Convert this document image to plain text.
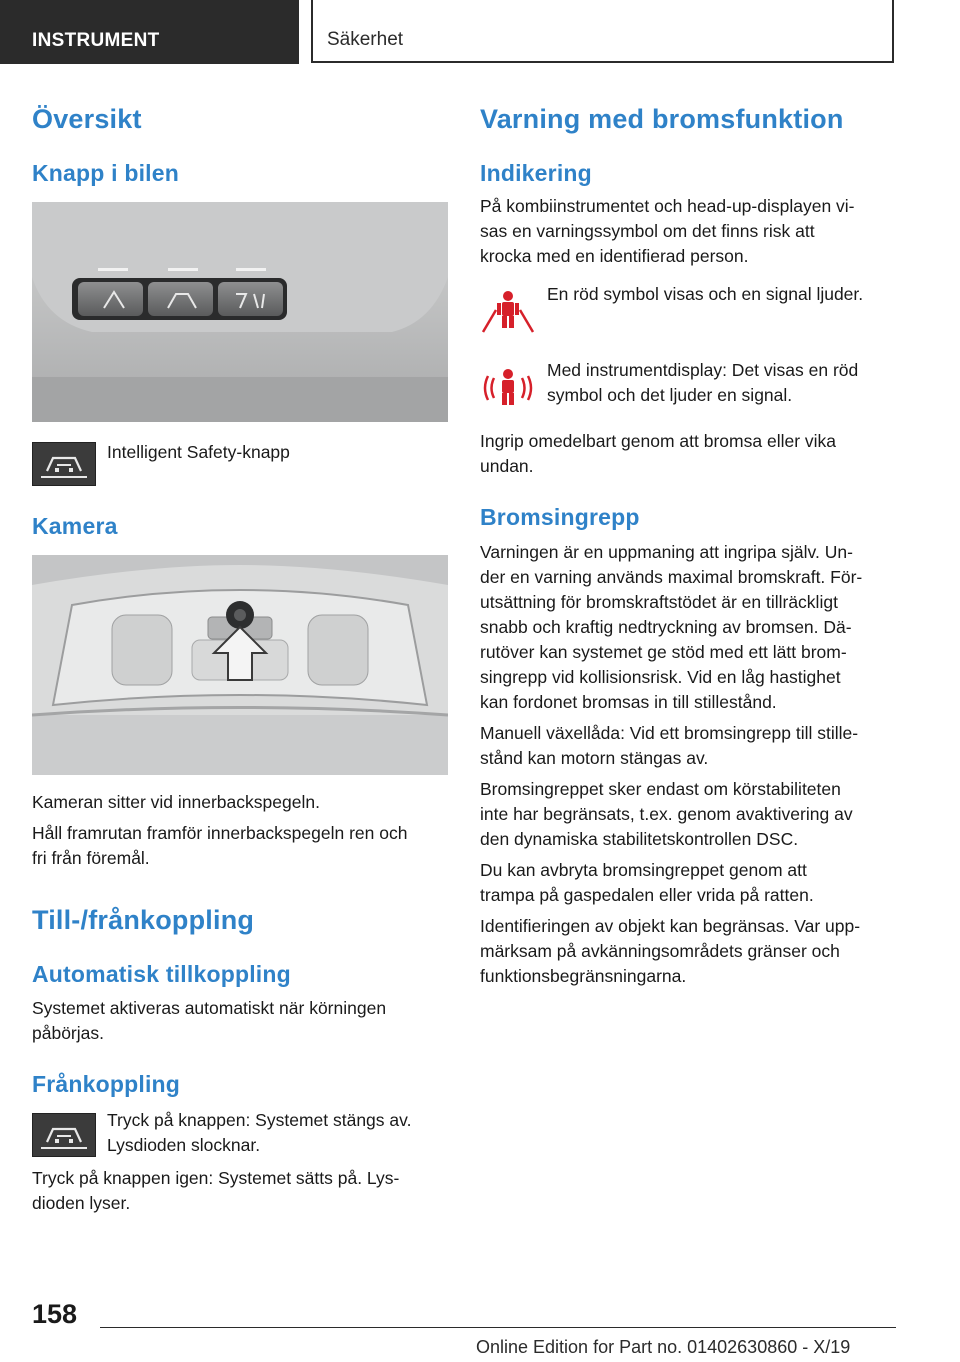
INSTRUMENT	Säkerhet
Översikt
Knapp i bilen

Intelligent Safety-knapp

Kamera

Kameran sitter vid innerbackspegeln.

Håll framrutan framför innerbackspegeln ren och

fri från föremål.

Till-/frånkoppling
Automatisk tillkoppling

Systemet aktiveras automatiskt när körningen

påbörjas.

Frånkoppling

Tryck på knappen: Systemet stängs av.

Lysdioden slocknar.

Tryck på knappen igen: Systemet sätts på. Lys-

dioden lyser.

Varning med bromsfunktion
Indikering

På kombiinstrumentet och head-up-displayen vi-

sas en varningssymbol om det finns risk att

krocka med en identifierad person.

En röd symbol visas och en signal ljuder.

Med instrumentdisplay: Det visas en röd

symbol och det ljuder en signal.

Ingrip omedelbart genom att bromsa eller vika

undan.

Bromsingrepp

Varningen är en uppmaning att ingripa själv. Un-

der en varning används maximal bromskraft. För-

utsättning för bromskraftstödet är en tillräckligt

snabb och kraftig nedtryckning av bromsen. Dä-

rutöver kan systemet ge stöd med ett lätt brom-

singrepp vid kollisionsrisk. Vid en låg hastighet

kan fordonet bromsas in till stillestånd.

Manuell växellåda: Vid ett bromsingrepp till stille-

stånd kan motorn stängas av.

Bromsingreppet sker endast om körstabiliteten

inte har begränsats, t.ex. genom avaktivering av

den dynamiska stabilitetskontrollen DSC.

Du kan avbryta bromsingreppet genom att

trampa på gaspedalen eller vrida på ratten.

Identifieringen av objekt kan begränsas. Var upp-

märksam på avkänningsområdets gränser och

funktionsbegränsningarna.

158
Online Edition for Part no. 01402630860 - X/19
